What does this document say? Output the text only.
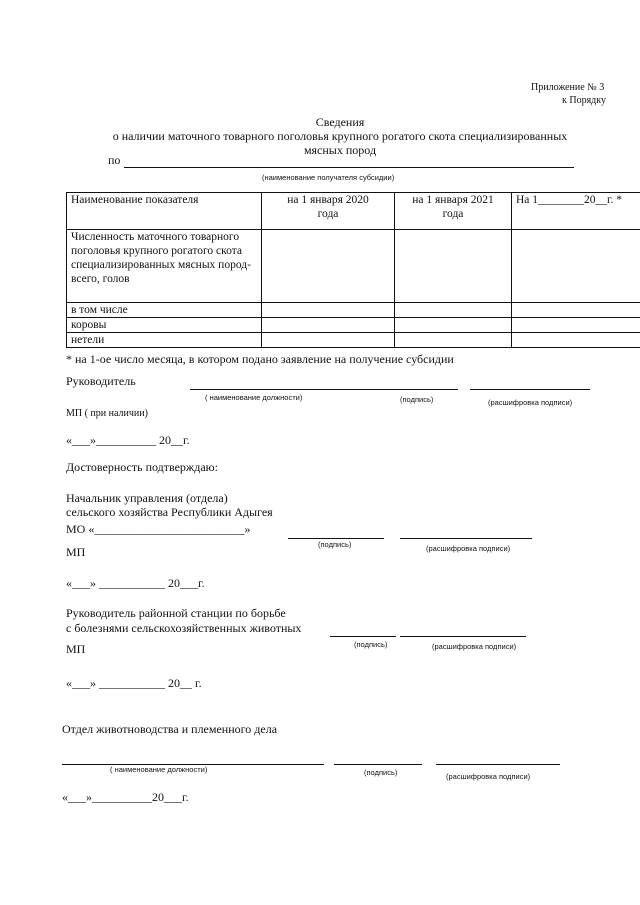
Приложение № 3
к Порядку
Сведения
о наличии маточного товарного поголовья крупного рогатого скота специализированных
мясных пород
по
(наименование получателя субсидии)
Наименование показателя	на 1 января 2020 года	на 1 января 2021 года	На 1________20__г. *
Численность маточного товарного поголовья крупного рогатого скота специализированных мясных пород-всего, голов			
в том числе			
коровы			
нетели			
* на 1-ое число месяца, в котором подано заявление на получение субсидии
Руководитель
( наименование должности)	(подпись)	(расшифровка подписи)
МП ( при наличии)
«___»__________ 20__г.
Достоверность подтверждаю:
Начальник управления (отдела)
сельского хозяйства Республики Адыгея
МО «_________________________»
(подпись)	(расшифровка подписи)
МП
«___» ___________ 20___г.
Руководитель районной станции по борьбе
с болезнями сельскохозяйственных животных
(подпись)	(расшифровка подписи)
МП
«___» ___________ 20__ г.
Отдел животноводства и племенного дела
( наименование должности)	(подпись)	(расшифровка подписи)
«___»__________20___г.
